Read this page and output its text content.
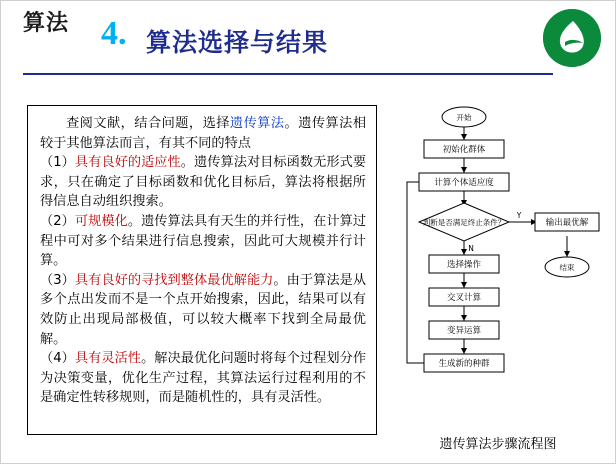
算法 4. 算法选择与结果

查阅文献，结合问题，选择遗传算法。遗传算法相较于其他算法而言，有其不同的特点

（1）具有良好的适应性。遗传算法对目标函数无形式要求，只在确定了目标函数和优化目标后，算法将根据所得信息自动组织搜索。

（2）可规模化。遗传算法具有天生的并行性，在计算过程中可对多个结果进行信息搜索，因此可大规模并行计算。

（3）具有良好的寻找到整体最优解能力。由于算法是从多个点出发而不是一个点开始搜索，因此，结果可以有效防止出现局部极值，可以较大概率下找到全局最优解。

（4）具有灵活性。解决最优化问题时将每个过程划分作为决策变量，优化生产过程，其算法运行过程利用的不是确定性转移规则，而是随机性的，具有灵活性。

开始
初始化群体
计算个体适应度
判断是否满足终止条件？
Y
N
输出最优解
结束
选择操作
交叉计算
变异运算
生成新的种群
遗传算法步骤流程图
